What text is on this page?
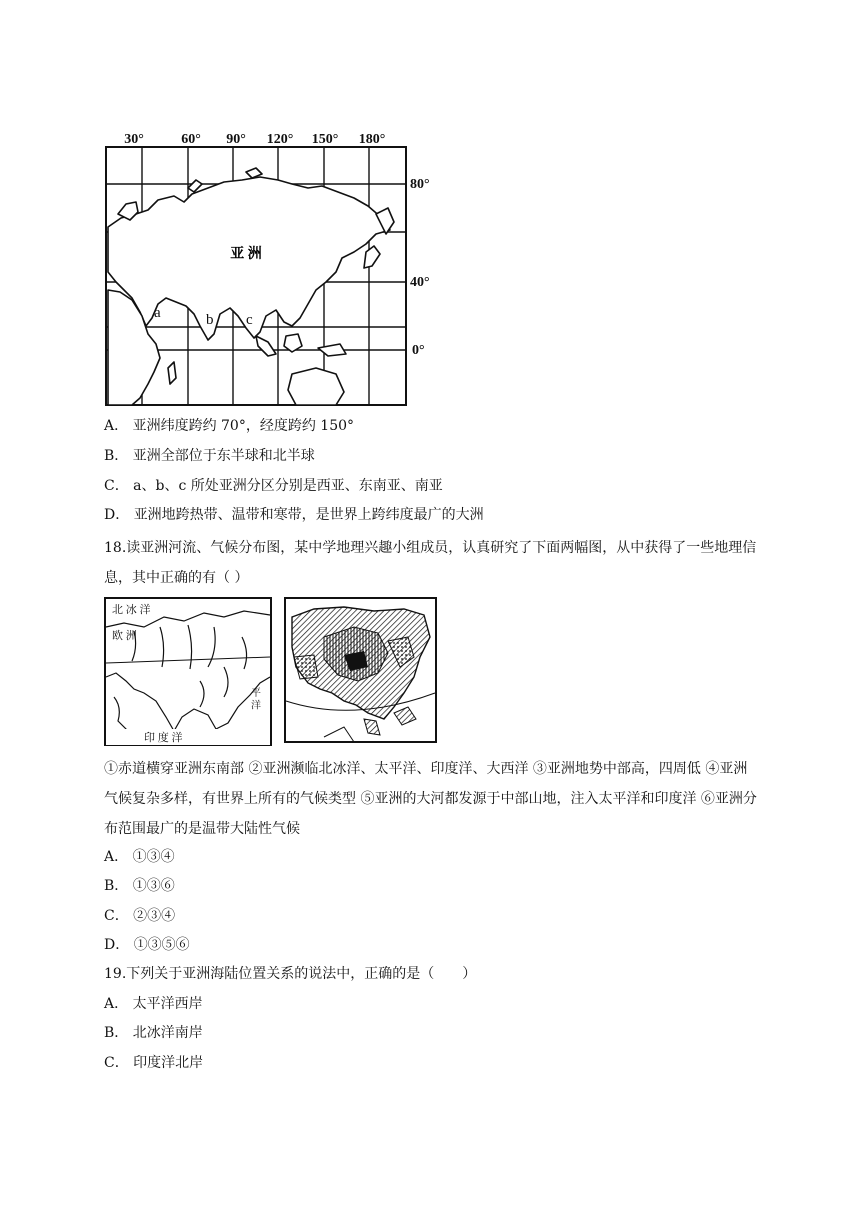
30°	60° 90° 120° 150° 180°
80°
40°
0°
亚 洲
a	b c
A． 亚洲纬度跨约 70°，经度跨约 150°
B． 亚洲全部位于东半球和北半球
C． a、b、c 所处亚洲分区分别是西亚、东南亚、南亚
D． 亚洲地跨热带、温带和寒带，是世界上跨纬度最广的大洲
18.读亚洲河流、气候分布图，某中学地理兴趣小组成员，认真研究了下面两幅图，从中获得了一些地理信息，其中正确的有（ ）
北 冰 洋
欧 洲
印 度 洋
平 洋
①赤道横穿亚洲东南部 ②亚洲濒临北冰洋、太平洋、印度洋、大西洋 ③亚洲地势中部高，四周低 ④亚洲气候复杂多样，有世界上所有的气候类型 ⑤亚洲的大河都发源于中部山地，注入太平洋和印度洋 ⑥亚洲分布范围最广的是温带大陆性气候
A． ①③④
B． ①③⑥
C． ②③④
D． ①③⑤⑥
19.下列关于亚洲海陆位置关系的说法中，正确的是（　　）
A． 太平洋西岸
B． 北冰洋南岸
C． 印度洋北岸
